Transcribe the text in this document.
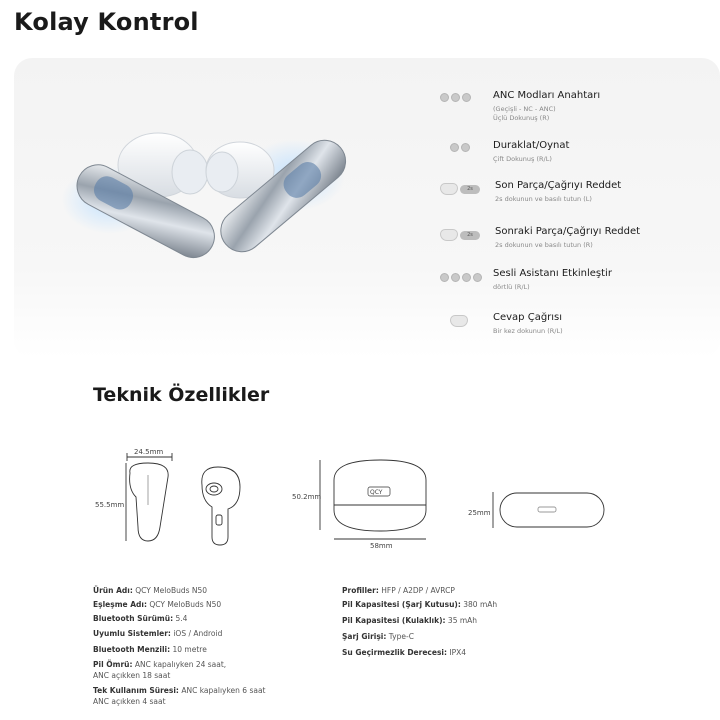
Kolay Kontrol
ANC Modları Anahtarı
(Geçişli - NC - ANC)
Üçlü Dokunuş (R)
Duraklat/Oynat
Çift Dokunuş (R/L)
2s	Son Parça/Çağrıyı Reddet
2s dokunun ve basılı tutun (L)
2s	Sonraki Parça/Çağrıyı Reddet
2s dokunun ve basılı tutun (R)
Sesli Asistanı Etkinleştir
dörtlü (R/L)
Cevap Çağrısı
Bir kez dokunun (R/L)
Teknik Özellikler
24.5mm
55.5mm
QCY
50.2mm
58mm
25mm
Ürün Adı: QCY MeloBuds N50
Eşleşme Adı: QCY MeloBuds N50
Bluetooth Sürümü: 5.4
Uyumlu Sistemler: iOS / Android
Bluetooth Menzili: 10 metre
Pil Ömrü: ANC kapalıyken 24 saat,
ANC açıkken 18 saat
Tek Kullanım Süresi: ANC kapalıyken 6 saat
ANC açıkken 4 saat
Profiller: HFP / A2DP / AVRCP
Pil Kapasitesi (Şarj Kutusu): 380 mAh
Pil Kapasitesi (Kulaklık): 35 mAh
Şarj Girişi: Type-C
Su Geçirmezlik Derecesi: IPX4
